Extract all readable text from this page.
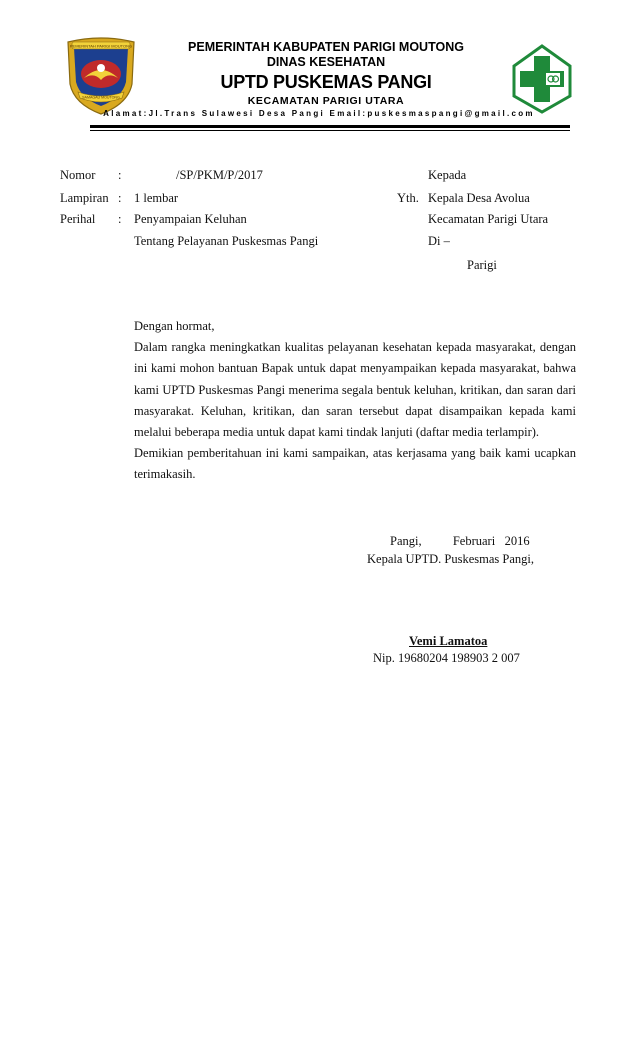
PEMERINTAH PARIGI MOUTONG
SAMAGAU MOUTONG
PEMERINTAH KABUPATEN PARIGI MOUTONG
DINAS KESEHATAN
UPTD PUSKEMAS PANGI
KECAMATAN PARIGI UTARA
Alamat:Jl.Trans Sulawesi Desa Pangi Email:puskesmaspangi@gmail.com
Nomor :	/SP/PKM/P/2017
Lampiran : 1 lembar
Perihal : Penyampaian Keluhan
Tentang Pelayanan Puskesmas Pangi
Kepada
Yth. Kepala Desa Avolua
Kecamatan Parigi Utara
Di –
Parigi

Dengan hormat,

Dalam rangka meningkatkan kualitas pelayanan kesehatan kepada masyarakat, dengan ini kami mohon bantuan Bapak untuk dapat menyampaikan kepada masyarakat, bahwa kami UPTD Puskesmas Pangi menerima segala bentuk keluhan, kritikan, dan saran dari masyarakat. Keluhan, kritikan, dan saran tersebut dapat disampaikan kepada kami melalui beberapa media untuk dapat kami tindak lanjuti (daftar media terlampir).

Demikian pemberitahuan ini kami sampaikan, atas kerjasama yang baik kami ucapkan terimakasih.

Pangi,          Februari   2016
Kepala UPTD. Puskesmas Pangi,
Vemi Lamatoa
Nip. 19680204 198903 2 007
